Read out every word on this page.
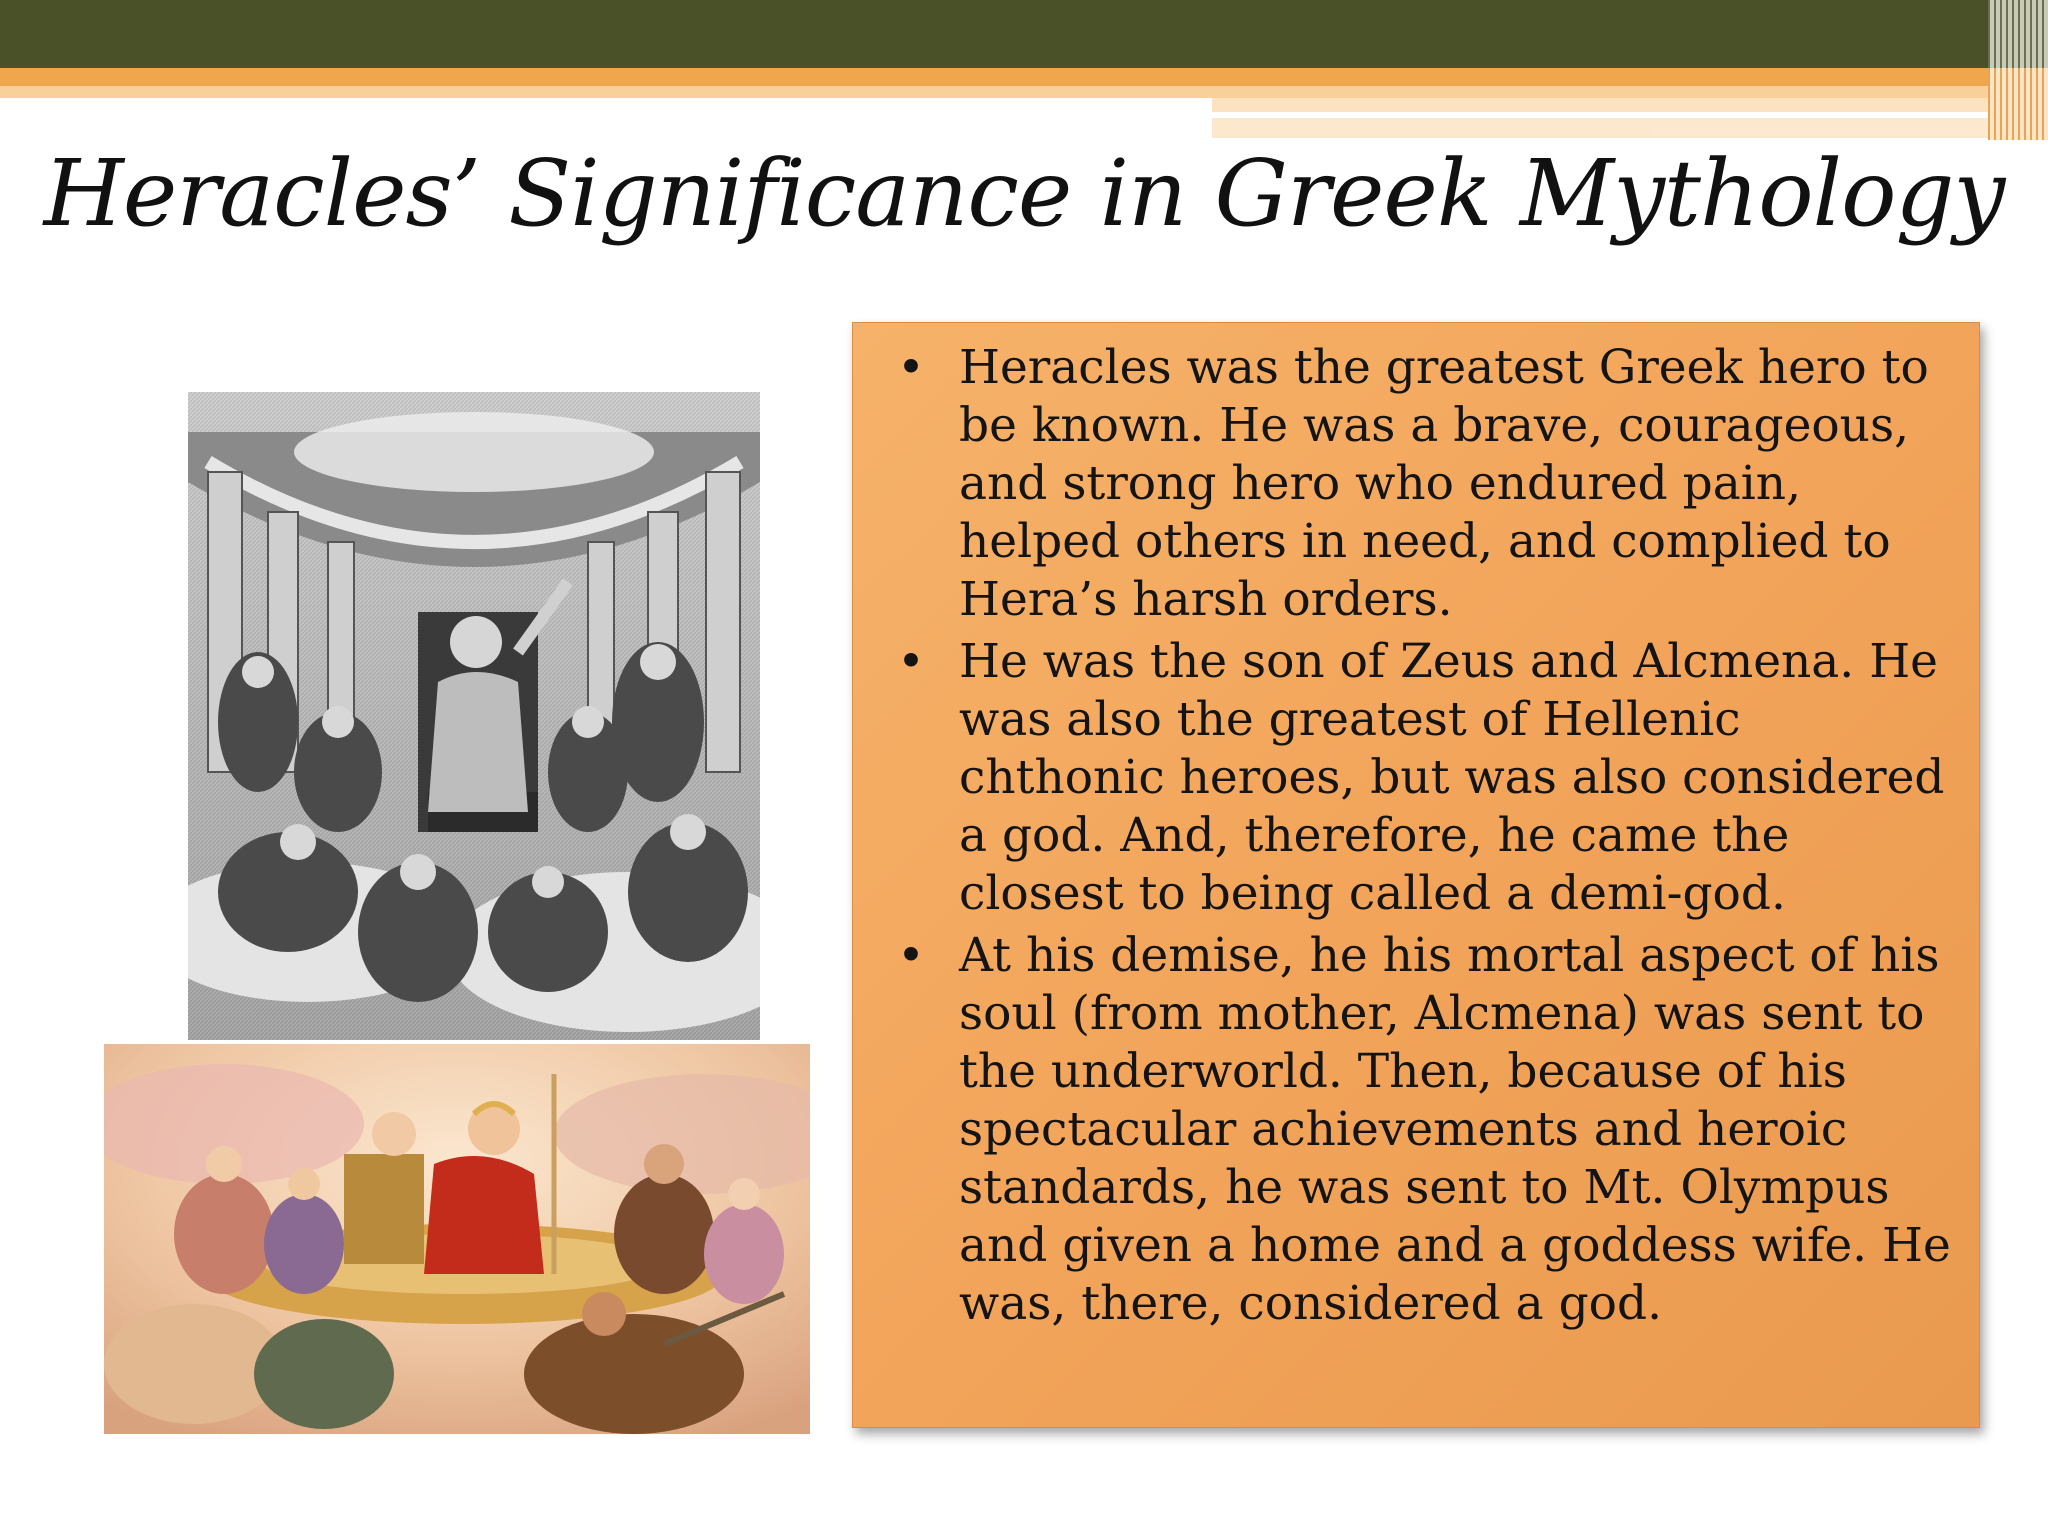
Heracles’ Significance in Greek Mythology
• Heracles was the greatest Greek hero to be known. He was a brave, courageous, and strong hero who endured pain, helped others in need, and complied to Hera’s harsh orders.
• He was the son of Zeus and Alcmena. He was also the greatest of Hellenic chthonic heroes, but was also considered a god. And, therefore, he came the closest to being called a demi-god.
• At his demise, he his mortal aspect of his soul (from mother, Alcmena) was sent to the underworld. Then, because of his spectacular achievements and heroic standards, he was sent to Mt. Olympus and given a home and a goddess wife. He was, there, considered a god.
